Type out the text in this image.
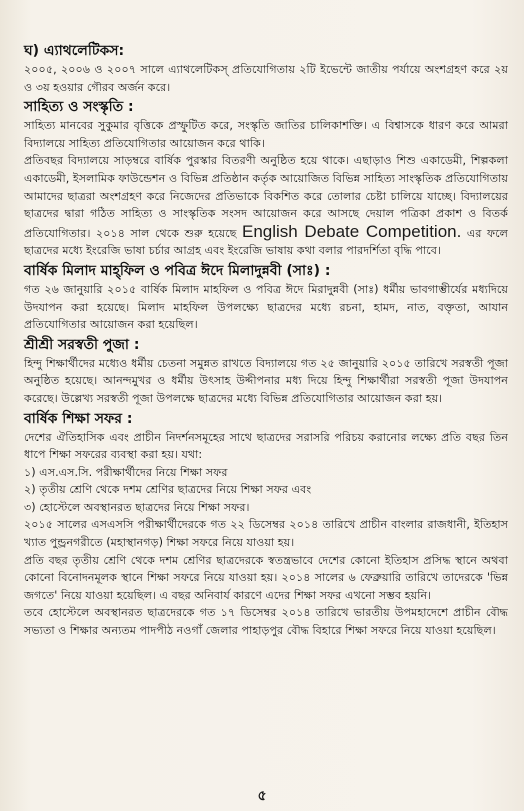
ঘ) এ্যাথলেটিকস:

২০০৫, ২০০৬ ও ২০০৭ সালে এ্যাথলেটিকস্‌ প্রতিযোগিতায় ২টি ইভেন্টে জাতীয় পর্যায়ে অংশগ্রহণ করে ২য় ও ৩য় হওয়ার গৌরব অর্জন করে।

সাহিত্য ও সংস্কৃতি :

সাহিত্য মানবের সুকুমার বৃত্তিকে প্রস্ফুটিত করে, সংস্কৃতি জাতির চালিকাশক্তি। এ বিশ্বাসকে ধারণ করে আমরা বিদ্যালয়ে সাহিত্য প্রতিযোগিতার আয়োজন করে থাকি।

প্রতিবছর বিদ্যালয়ে সাড়ম্বরে বার্ষিক পুরস্কার বিতরণী অনুষ্ঠিত হয়ে থাকে। এছাড়াও শিশু একাডেমী, শিল্পকলা একাডেমী, ইসলামিক ফাউন্ডেশন ও বিভিন্ন প্রতিষ্ঠান কর্তৃক আয়োজিত বিভিন্ন সাহিত্য সাংস্কৃতিক প্রতিযোগিতায় আমাদের ছাত্ররা অংশগ্রহণ করে নিজেদের প্রতিভাকে বিকশিত করে তোলার চেষ্টা চালিয়ে যাচ্ছে। বিদ্যালয়ের ছাত্রদের দ্বারা গঠিত সাহিত্য ও সাংস্কৃতিক সংসদ আয়োজন করে আসছে দেয়াল পত্রিকা প্রকাশ ও বিতর্ক প্রতিযোগিতার। ২০১৪ সাল থেকে শুরু হয়েছে English Debate Competition. এর ফলে ছাত্রদের মধ্যে ইংরেজি ভাষা চর্চার আগ্রহ এবং ইংরেজি ভাষায় কথা বলার পারদর্শিতা বৃদ্ধি পাবে।

বার্ষিক মিলাদ মাহ্‌ফিল ও পবিত্র ঈদে মিলাদুন্নবী (সাঃ) :

গত ২৬ জানুয়ারি ২০১৫ বার্ষিক মিলাদ মাহফিল ও পবিত্র ঈদে মিরাদুন্নবী (সাঃ) ধর্মীয় ভাবগাম্ভীর্যের মধ্যদিয়ে উদযাপন করা হয়েছে। মিলাদ মাহফিল উপলক্ষ্যে ছাত্রদের মধ্যে রচনা, হামদ, নাত, বক্তৃতা, আযান প্রতিযোগিতার আয়োজন করা হয়েছিল।

শ্রীশ্রী সরস্বতী পুজা :

হিন্দু শিক্ষার্থীদের মধ্যেও ধর্মীয় চেতনা সমুন্নত রাখতে বিদ্যালয়ে গত ২৫ জানুয়ারি ২০১৫ তারিখে সরস্বতী পূজা অনুষ্ঠিত হয়েছে। আনন্দমুখর ও ধর্মীয় উৎসাহ উদ্দীপনার মধ্য দিয়ে হিন্দু শিক্ষার্থীরা সরস্বতী পূজা উদযাপন করেছে। উল্লেখ্য সরস্বতী পূজা উপলক্ষে ছাত্রদের মধ্যে বিভিন্ন প্রতিযোগিতার আয়োজন করা হয়।

বার্ষিক শিক্ষা সফর :

দেশের ঐতিহাসিক এবং প্রাচীন নিদর্শনসমূহের সাথে ছাত্রদের সরাসরি পরিচয় করানোর লক্ষ্যে প্রতি বছর তিন ধাপে শিক্ষা সফরের ব্যবস্থা করা হয়। যথা:

১) এস.এস.সি. পরীক্ষার্থীদের নিয়ে শিক্ষা সফর
২) তৃতীয় শ্রেণি থেকে দশম শ্রেণির ছাত্রদের নিয়ে শিক্ষা সফর এবং
৩) হোস্টেলে অবস্থানরত ছাত্রদের নিয়ে শিক্ষা সফর।

২০১৫ সালের এসএসসি পরীক্ষার্থীদেরকে গত ২২ ডিসেম্বর ২০১৪ তারিখে প্রাচীন বাংলার রাজধানী, ইতিহাস খ্যাত পুন্ড্রনগরীতে (মহাস্থানগড়) শিক্ষা সফরে নিয়ে যাওয়া হয়।

প্রতি বছর তৃতীয় শ্রেণি থেকে দশম শ্রেণির ছাত্রদেরকে স্বতন্ত্রভাবে দেশের কোনো ইতিহাস প্রসিদ্ধ স্থানে অথবা কোনো বিনোদনমূলক স্থানে শিক্ষা সফরে নিয়ে যাওয়া হয়। ২০১৪ সালের ৬ ফেব্রুয়ারি তারিখে তাদেরকে 'ভিন্ন জগতে' নিয়ে যাওয়া হয়েছিল। এ বছর অনিবার্য কারণে এদের শিক্ষা সফর এখনো সম্ভব হয়নি।

তবে হোস্টেলে অবস্থানরত ছাত্রদেরকে গত ১৭ ডিসেম্বর ২০১৪ তারিখে ভারতীয় উপমহাদেশে প্রাচীন বৌদ্ধ সভ্যতা ও শিক্ষার অন্যতম পাদপীঠ নওগাঁ জেলার পাহাড়পুর বৌদ্ধ বিহারে শিক্ষা সফরে নিয়ে যাওয়া হয়েছিল।

৫
